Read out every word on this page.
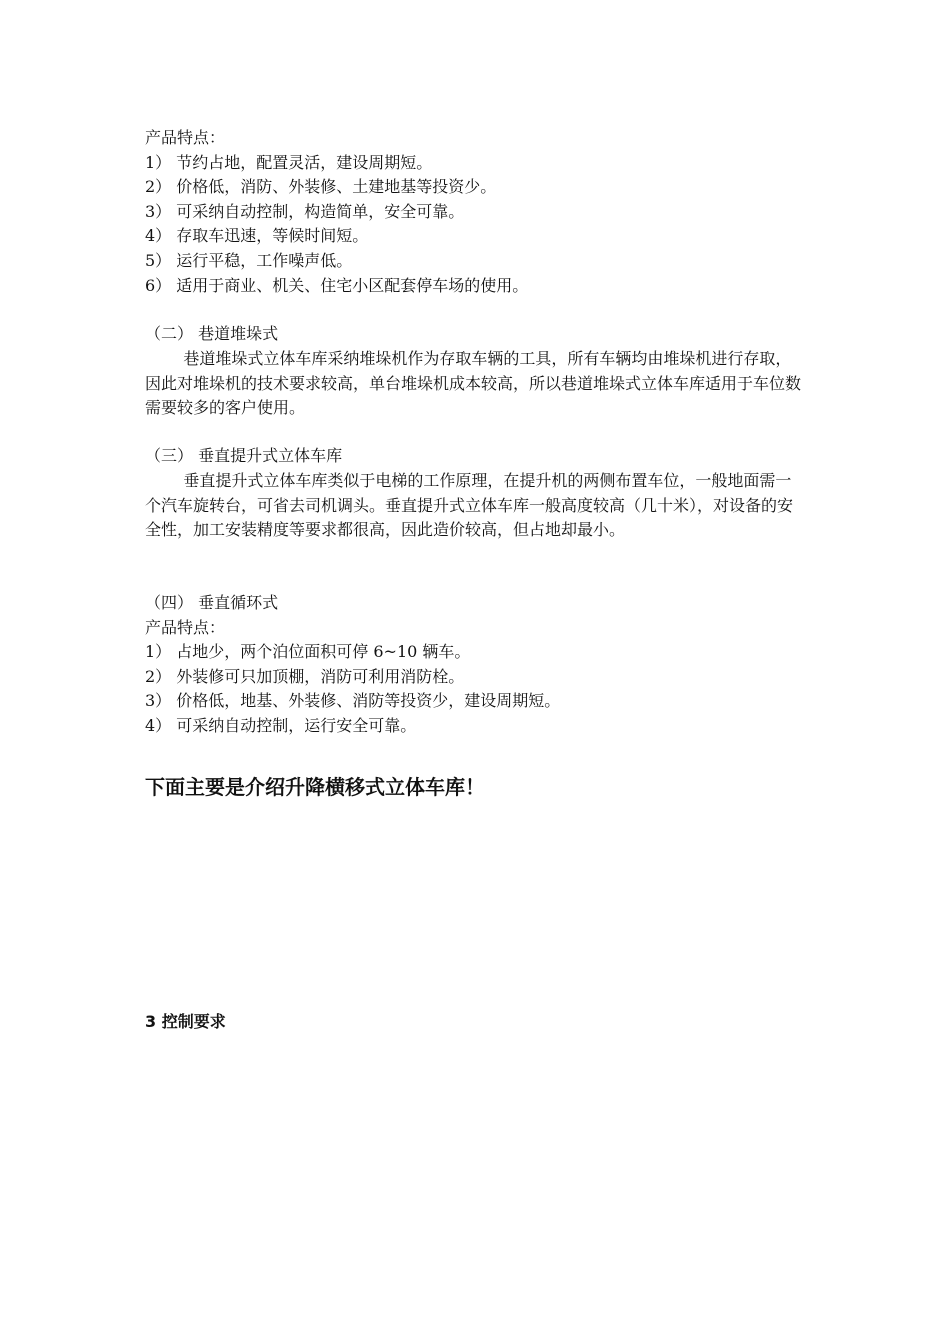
产品特点：
1） 节约占地，配置灵活，建设周期短。
2） 价格低，消防、外装修、土建地基等投资少。
3） 可采纳自动控制，构造简单，安全可靠。
4） 存取车迅速，等候时间短。
5） 运行平稳，工作噪声低。
6） 适用于商业、机关、住宅小区配套停车场的使用。
（二） 巷道堆垛式
巷道堆垛式立体车库采纳堆垛机作为存取车辆的工具，所有车辆均由堆垛机进行存取，因此对堆垛机的技术要求较高，单台堆垛机成本较高，所以巷道堆垛式立体车库适用于车位数需要较多的客户使用。
（三） 垂直提升式立体车库
垂直提升式立体车库类似于电梯的工作原理，在提升机的两侧布置车位，一般地面需一个汽车旋转台，可省去司机调头。垂直提升式立体车库一般高度较高（几十米），对设备的安全性，加工安装精度等要求都很高，因此造价较高，但占地却最小。
（四） 垂直循环式
产品特点：
1） 占地少，两个泊位面积可停 6~10 辆车。
2） 外装修可只加顶棚，消防可利用消防栓。
3） 价格低，地基、外装修、消防等投资少，建设周期短。
4） 可采纳自动控制，运行安全可靠。
下面主要是介绍升降横移式立体车库！
3 控制要求
